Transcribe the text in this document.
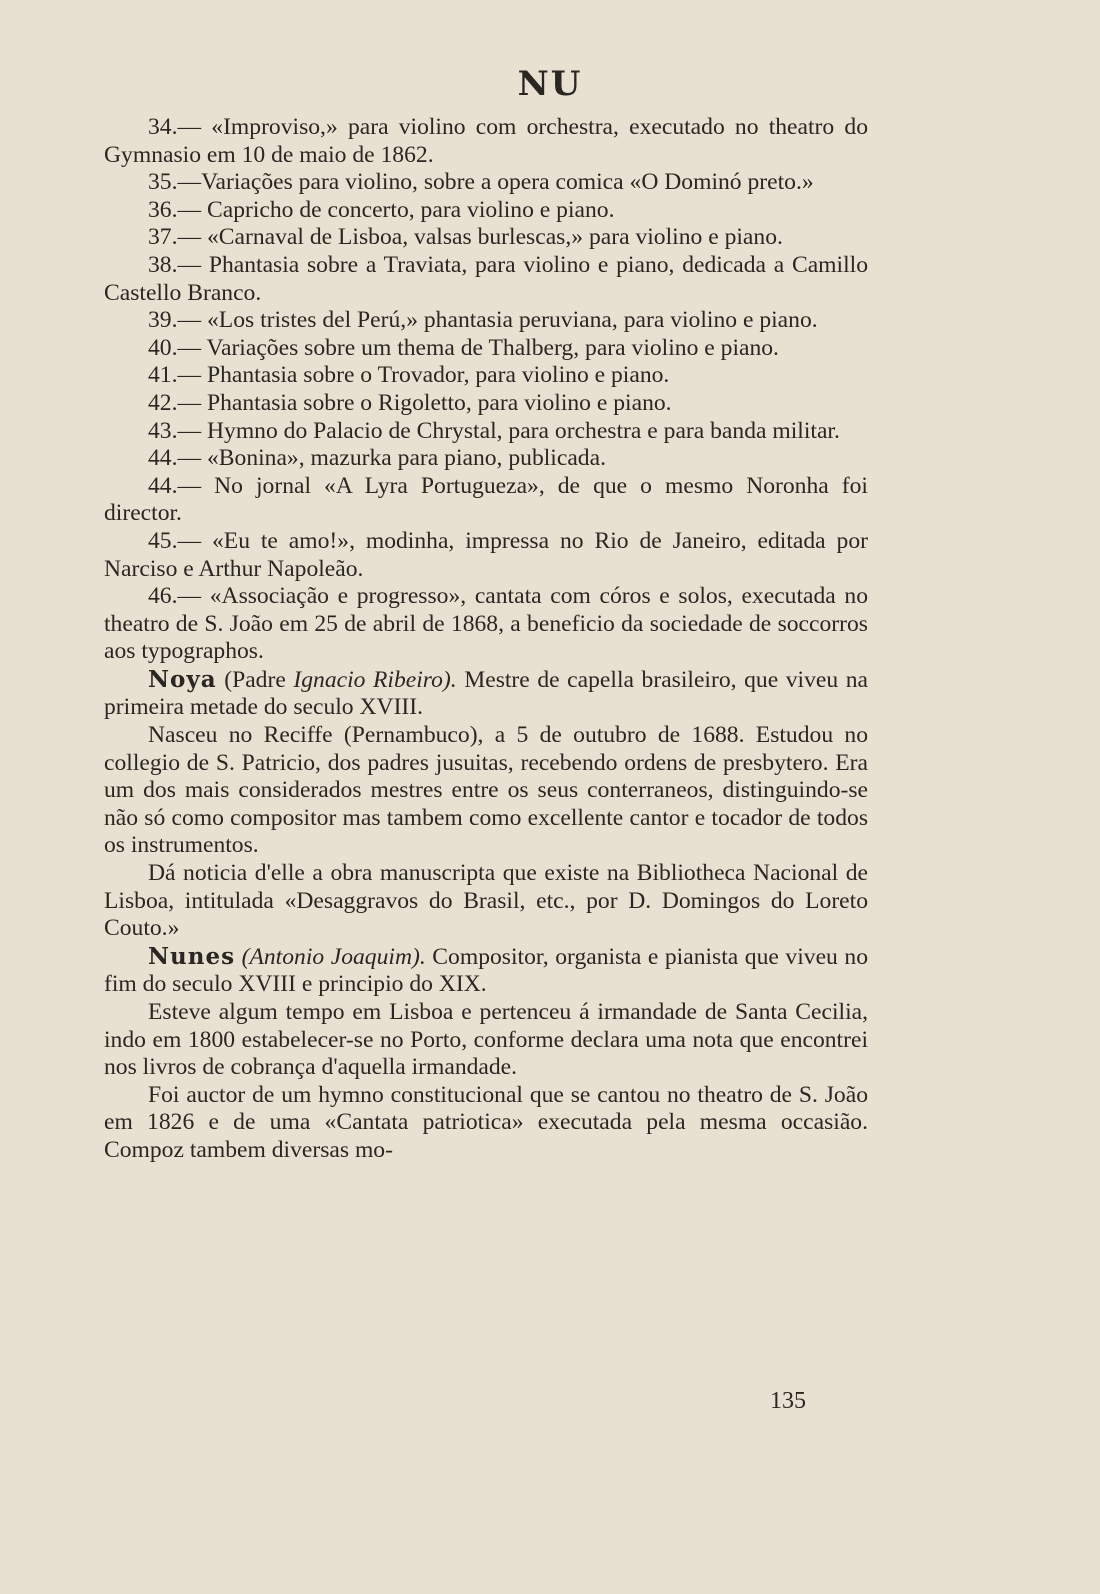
NU

34.— «Improviso,» para violino com orchestra, executado no theatro do Gymnasio em 10 de maio de 1862.

35.—Variações para violino, sobre a opera comica «O Dominó preto.»

36.— Capricho de concerto, para violino e piano.

37.— «Carnaval de Lisboa, valsas burlescas,» para violino e piano.

38.— Phantasia sobre a Traviata, para violino e piano, dedicada a Camillo Castello Branco.

39.— «Los tristes del Perú,» phantasia peruviana, para violino e piano.

40.— Variações sobre um thema de Thalberg, para violino e piano.

41.— Phantasia sobre o Trovador, para violino e piano.

42.— Phantasia sobre o Rigoletto, para violino e piano.

43.— Hymno do Palacio de Chrystal, para orchestra e para banda militar.

44.— «Bonina», mazurka para piano, publicada.

44.— No jornal «A Lyra Portugueza», de que o mesmo Noronha foi director.

45.— «Eu te amo!», modinha, impressa no Rio de Janeiro, editada por Narciso e Arthur Napoleão.

46.— «Associação e progresso», cantata com córos e solos, executada no theatro de S. João em 25 de abril de 1868, a beneficio da sociedade de soccorros aos typographos.

Noya (Padre Ignacio Ribeiro). Mestre de capella brasileiro, que viveu na primeira metade do seculo XVIII.

Nasceu no Reciffe (Pernambuco), a 5 de outubro de 1688. Estudou no collegio de S. Patricio, dos padres jusuitas, recebendo ordens de presbytero. Era um dos mais considerados mestres entre os seus conterraneos, distinguindo-se não só como compositor mas tambem como excellente cantor e tocador de todos os instrumentos.

Dá noticia d'elle a obra manuscripta que existe na Bibliotheca Nacional de Lisboa, intitulada «Desaggravos do Brasil, etc., por D. Domingos do Loreto Couto.»

Nunes (Antonio Joaquim). Compositor, organista e pianista que viveu no fim do seculo XVIII e principio do XIX.

Esteve algum tempo em Lisboa e pertenceu á irmandade de Santa Cecilia, indo em 1800 estabelecer-se no Porto, conforme declara uma nota que encontrei nos livros de cobrança d'aquella irmandade.

Foi auctor de um hymno constitucional que se cantou no theatro de S. João em 1826 e de uma «Cantata patriotica» executada pela mesma occasião. Compoz tambem diversas mo-

135
